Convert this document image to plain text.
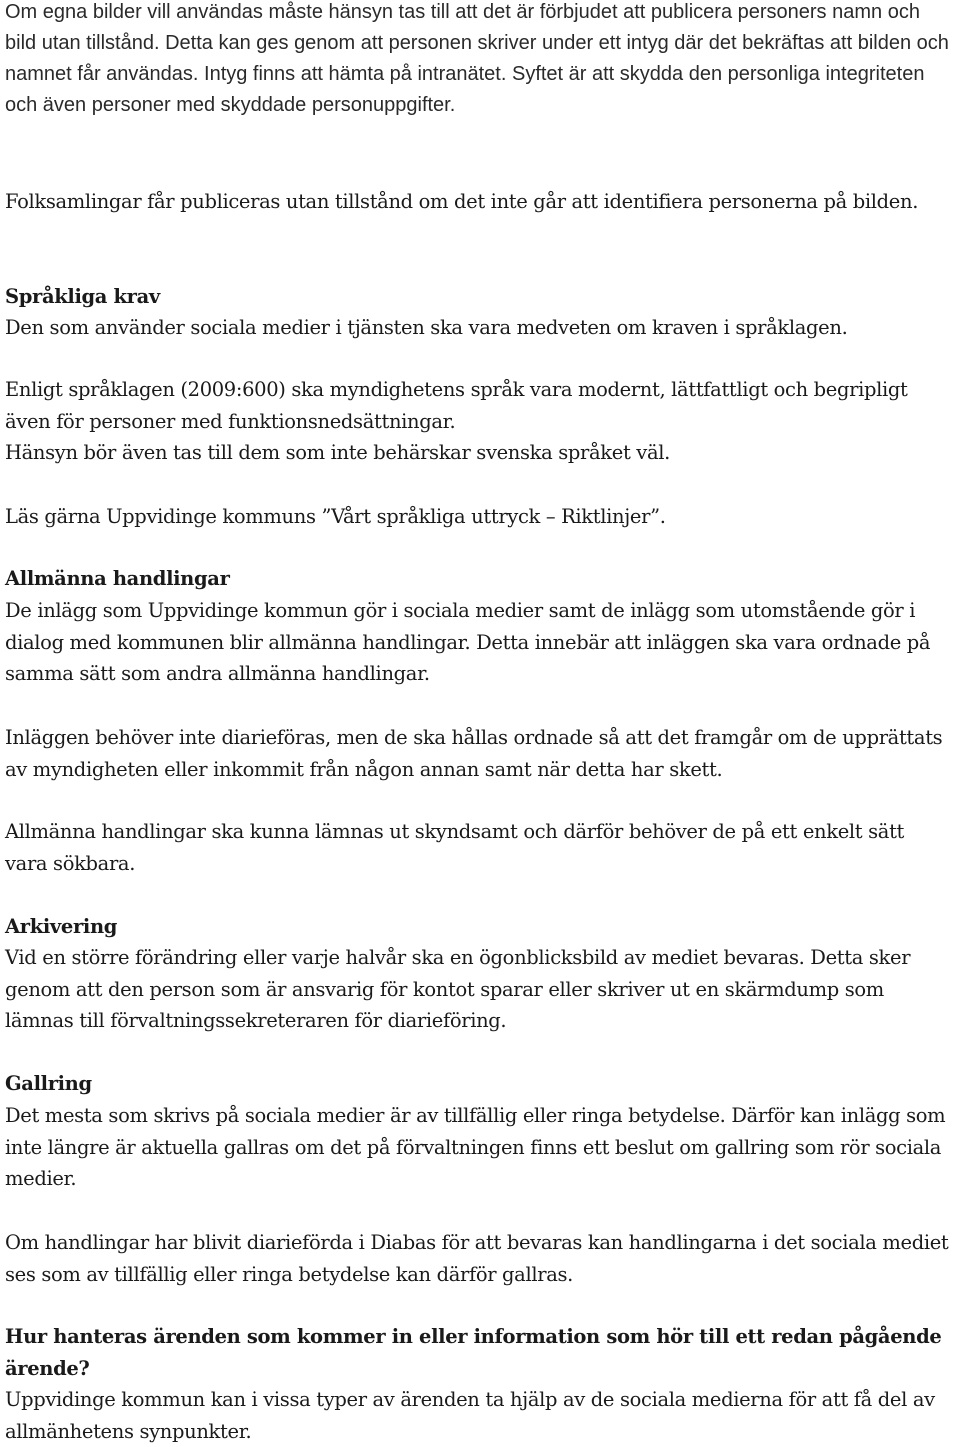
Om egna bilder vill användas måste hänsyn tas till att det är förbjudet att publicera personers namn och bild utan tillstånd. Detta kan ges genom att personen skriver under ett intyg där det bekräftas att bilden och namnet får användas. Intyg finns att hämta på intranätet. Syftet är att skydda den personliga integriteten och även personer med skyddade personuppgifter.

Folksamlingar får publiceras utan tillstånd om det inte går att identifiera personerna på bilden.

Språkliga krav

Den som använder sociala medier i tjänsten ska vara medveten om kraven i språklagen.

Enligt språklagen (2009:600) ska myndighetens språk vara modernt, lättfattligt och begripligt även för personer med funktionsnedsättningar.

Hänsyn bör även tas till dem som inte behärskar svenska språket väl.

Läs gärna Uppvidinge kommuns ”Vårt språkliga uttryck – Riktlinjer”.

Allmänna handlingar

De inlägg som Uppvidinge kommun gör i sociala medier samt de inlägg som utomstående gör i dialog med kommunen blir allmänna handlingar. Detta innebär att inläggen ska vara ordnade på samma sätt som andra allmänna handlingar.

Inläggen behöver inte diarieföras, men de ska hållas ordnade så att det framgår om de upprättats av myndigheten eller inkommit från någon annan samt när detta har skett.

Allmänna handlingar ska kunna lämnas ut skyndsamt och därför behöver de på ett enkelt sätt vara sökbara.

Arkivering

Vid en större förändring eller varje halvår ska en ögonblicksbild av mediet bevaras. Detta sker genom att den person som är ansvarig för kontot sparar eller skriver ut en skärmdump som lämnas till förvaltningssekreteraren för diarieföring.

Gallring

Det mesta som skrivs på sociala medier är av tillfällig eller ringa betydelse. Därför kan inlägg som inte längre är aktuella gallras om det på förvaltningen finns ett beslut om gallring som rör sociala medier.

Om handlingar har blivit diarieförda i Diabas för att bevaras kan handlingarna i det sociala mediet ses som av tillfällig eller ringa betydelse kan därför gallras.

Hur hanteras ärenden som kommer in eller information som hör till ett redan pågående ärende?

Uppvidinge kommun kan i vissa typer av ärenden ta hjälp av de sociala medierna för att få del av allmänhetens synpunkter.
